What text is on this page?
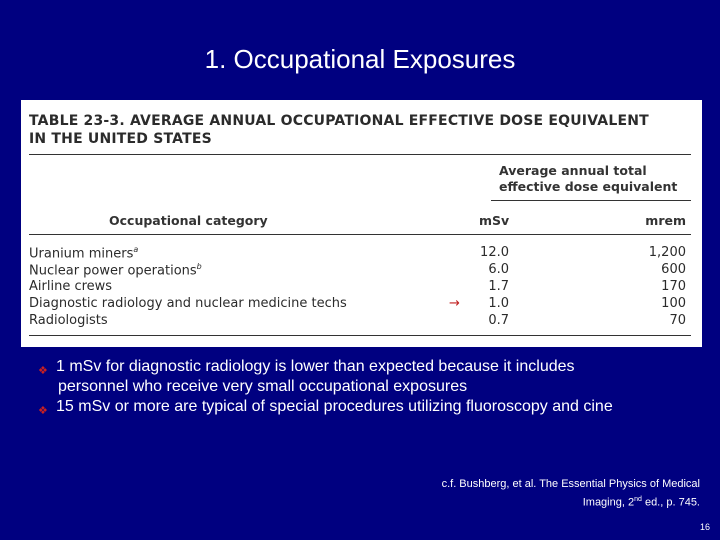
1. Occupational Exposures
TABLE 23-3. AVERAGE ANNUAL OCCUPATIONAL EFFECTIVE DOSE EQUIVALENT
IN THE UNITED STATES
Average annual total
effective dose equivalent
Occupational category	mSv	mrem
Uranium miners$^a$	12.0	1,200
Nuclear power operations$^b$	6.0	600
Airline crews	1.7	170
Diagnostic radiology and nuclear medicine techs	→	1.0	100
Radiologists	0.7	70
❖ 1 mSv for diagnostic radiology is lower than expected because it includes
personnel who receive very small occupational exposures
❖ 15 mSv or more are typical of special procedures utilizing fluoroscopy and cine
c.f. Bushberg, et al. The Essential Physics of Medical
Imaging, 2nd ed., p. 745.
16
